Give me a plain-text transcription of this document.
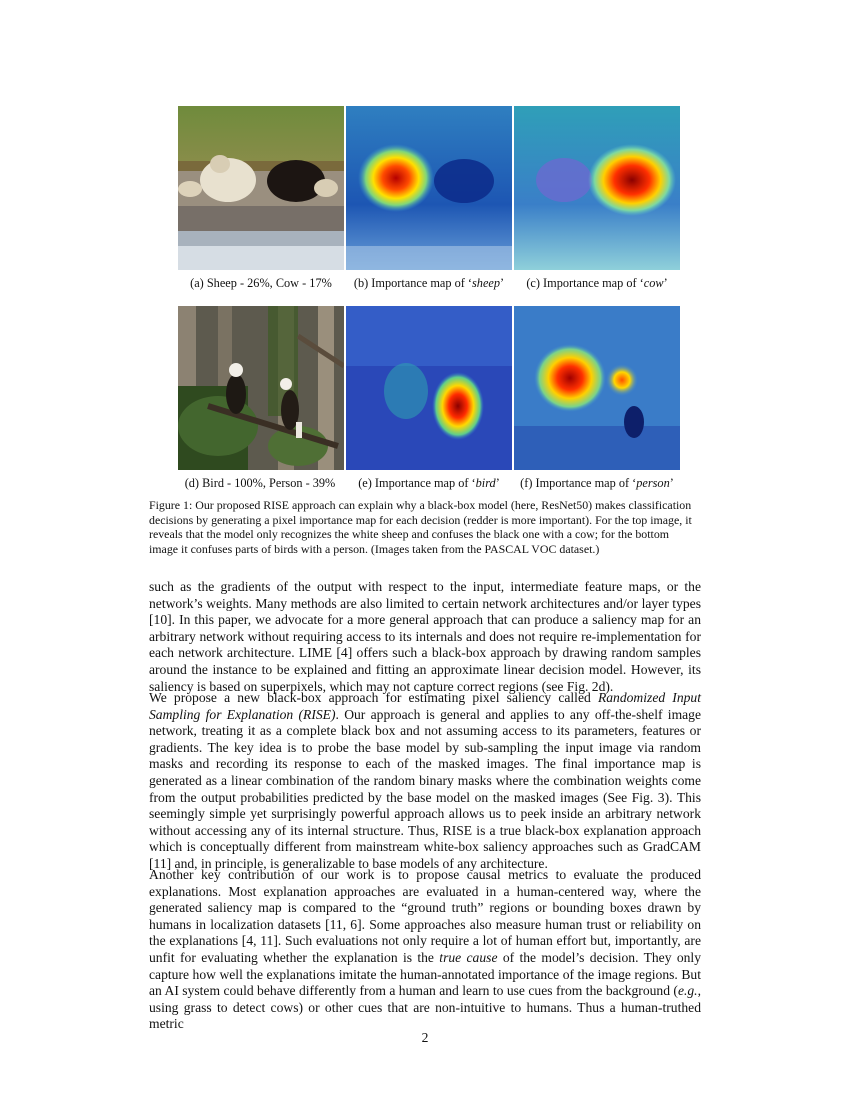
(a) Sheep - 26%, Cow - 17%	(b) Importance map of ‘sheep’	(c) Importance map of ‘cow’
(d) Bird - 100%, Person - 39%	(e) Importance map of ‘bird’	(f) Importance map of ‘person’
Figure 1: Our proposed RISE approach can explain why a black-box model (here, ResNet50) makes classification decisions by generating a pixel importance map for each decision (redder is more important). For the top image, it reveals that the model only recognizes the white sheep and confuses the black one with a cow; for the bottom image it confuses parts of birds with a person. (Images taken from the PASCAL VOC dataset.)
such as the gradients of the output with respect to the input, intermediate feature maps, or the network’s weights. Many methods are also limited to certain network architectures and/or layer types [10]. In this paper, we advocate for a more general approach that can produce a saliency map for an arbitrary network without requiring access to its internals and does not require re-implementation for each network architecture. LIME [4] offers such a black-box approach by drawing random samples around the instance to be explained and fitting an approximate linear decision model. However, its saliency is based on superpixels, which may not capture correct regions (see Fig. 2d).
We propose a new black-box approach for estimating pixel saliency called Randomized Input Sampling for Explanation (RISE). Our approach is general and applies to any off-the-shelf image network, treating it as a complete black box and not assuming access to its parameters, features or gradients. The key idea is to probe the base model by sub-sampling the input image via random masks and recording its response to each of the masked images. The final importance map is generated as a linear combination of the random binary masks where the combination weights come from the output probabilities predicted by the base model on the masked images (See Fig. 3). This seemingly simple yet surprisingly powerful approach allows us to peek inside an arbitrary network without accessing any of its internal structure. Thus, RISE is a true black-box explanation approach which is conceptually different from mainstream white-box saliency approaches such as GradCAM [11] and, in principle, is generalizable to base models of any architecture.
Another key contribution of our work is to propose causal metrics to evaluate the produced explanations. Most explanation approaches are evaluated in a human-centered way, where the generated saliency map is compared to the “ground truth” regions or bounding boxes drawn by humans in localization datasets [11, 6]. Some approaches also measure human trust or reliability on the explanations [4, 11]. Such evaluations not only require a lot of human effort but, importantly, are unfit for evaluating whether the explanation is the true cause of the model’s decision. They only capture how well the explanations imitate the human-annotated importance of the image regions. But an AI system could behave differently from a human and learn to use cues from the background (e.g., using grass to detect cows) or other cues that are non-intuitive to humans. Thus a human-truthed metric
2
